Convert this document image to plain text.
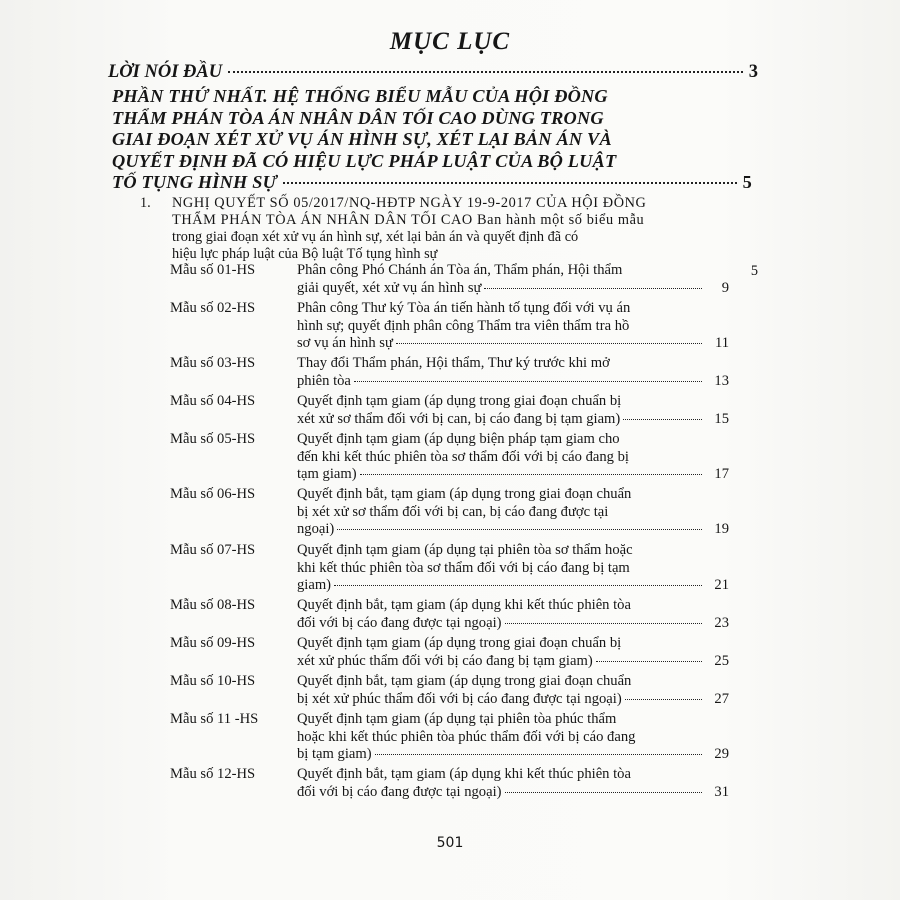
MỤC LỤC
LỜI NÓI ĐẦU	3
PHẦN THỨ NHẤT. HỆ THỐNG BIỂU MẪU CỦA HỘI ĐỒNG
THẨM PHÁN TÒA ÁN NHÂN DÂN TỐI CAO DÙNG TRONG
GIAI ĐOẠN XÉT XỬ VỤ ÁN HÌNH SỰ, XÉT LẠI BẢN ÁN VÀ
QUYẾT ĐỊNH ĐÃ CÓ HIỆU LỰC PHÁP LUẬT CỦA BỘ LUẬT
TỐ TỤNG HÌNH SỰ	5
1. NGHỊ QUYẾT SỐ 05/2017/NQ-HĐTP NGÀY 19-9-2017 CỦA HỘI ĐỒNG
THẨM PHÁN TÒA ÁN NHÂN DÂN TỐI CAO Ban hành một số biểu mẫu
trong giai đoạn xét xử vụ án hình sự, xét lại bản án và quyết định đã có
hiệu lực pháp luật của Bộ luật Tố tụng hình sự
5
Mẫu số 01-HS	Phân công Phó Chánh án Tòa án, Thẩm phán, Hội thẩm
giải quyết, xét xử vụ án hình sự	9
Mẫu số 02-HS	Phân công Thư ký Tòa án tiến hành tố tụng đối với vụ án
hình sự; quyết định phân công Thẩm tra viên thẩm tra hồ
sơ vụ án hình sự	11
Mẫu số 03-HS	Thay đổi Thẩm phán, Hội thẩm, Thư ký trước khi mở
phiên tòa	13
Mẫu số 04-HS	Quyết định tạm giam (áp dụng trong giai đoạn chuẩn bị
xét xử sơ thẩm đối với bị can, bị cáo đang bị tạm giam)	15
Mẫu số 05-HS	Quyết định tạm giam (áp dụng biện pháp tạm giam cho
đến khi kết thúc phiên tòa sơ thẩm đối với bị cáo đang bị
tạm giam)	17
Mẫu số 06-HS	Quyết định bắt, tạm giam (áp dụng trong giai đoạn chuẩn
bị xét xử sơ thẩm đối với bị can, bị cáo đang được tại
ngoại)	19
Mẫu số 07-HS	Quyết định tạm giam (áp dụng tại phiên tòa sơ thẩm hoặc
khi kết thúc phiên tòa sơ thẩm đối với bị cáo đang bị tạm
giam)	21
Mẫu số 08-HS	Quyết định bắt, tạm giam (áp dụng khi kết thúc phiên tòa
đối với bị cáo đang được tại ngoại)	23
Mẫu số 09-HS	Quyết định tạm giam (áp dụng trong giai đoạn chuẩn bị
xét xử phúc thẩm đối với bị cáo đang bị tạm giam)	25
Mẫu số 10-HS	Quyết định bắt, tạm giam (áp dụng trong giai đoạn chuẩn
bị xét xử phúc thẩm đối với bị cáo đang được tại ngoại)	27
Mẫu số 11 -HS	Quyết định tạm giam (áp dụng tại phiên tòa phúc thẩm
hoặc khi kết thúc phiên tòa phúc thẩm đối với bị cáo đang
bị tạm giam)	29
Mẫu số 12-HS	Quyết định bắt, tạm giam (áp dụng khi kết thúc phiên tòa
đối với bị cáo đang được tại ngoại)	31
501
